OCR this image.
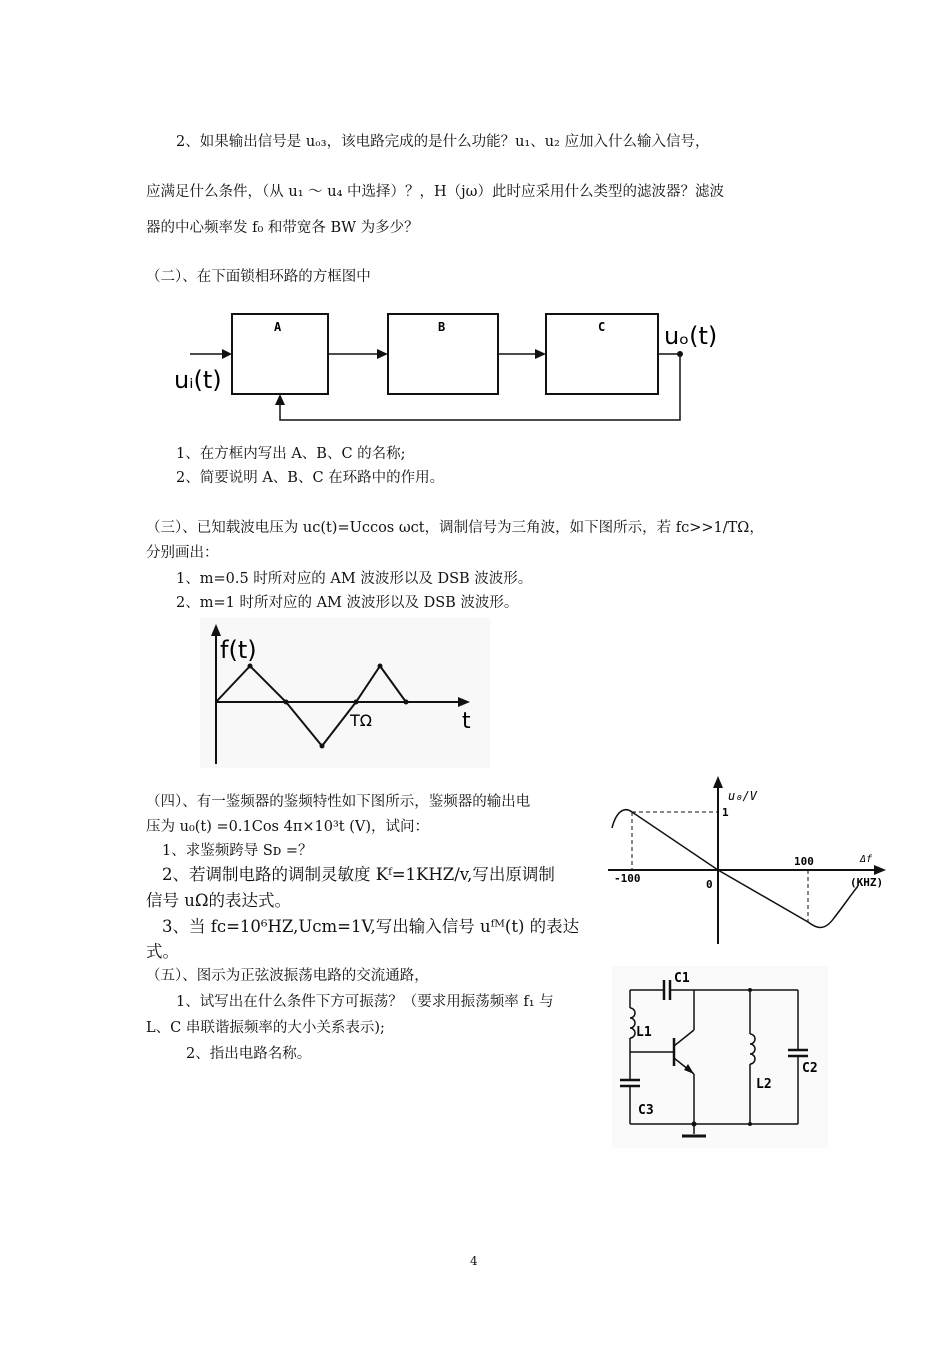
2、如果输出信号是 uₒ₃，该电路完成的是什么功能？u₁、u₂ 应加入什么输入信号，
应满足什么条件，（从 u₁ ～ u₄ 中选择）？，H（jω）此时应采用什么类型的滤波器？滤波
器的中心频率发 f₀ 和带宽各 BW 为多少？
（二）、在下面锁相环路的方框图中
A	B	C
uᵢ(t)
uₒ(t)
1、在方框内写出 A、B、C 的名称;
2、简要说明 A、B、C 在环路中的作用。
（三）、已知载波电压为 uᴄ(t)=Uᴄcos ωᴄt，调制信号为三角波，如下图所示，若 fᴄ>>1/TΩ，
分别画出：
1、m=0.5 时所对应的 AM 波波形以及 DSB 波波形。
2、m=1 时所对应的 AM 波波形以及 DSB 波波形。
f(t)
t
TΩ
（四）、有一鉴频器的鉴频特性如下图所示，鉴频器的输出电
压为 u₀(t) =0.1Cos 4π×10³t (V)，试问：
1、求鉴频跨导 Sᴅ =？
2、若调制电路的调制灵敏度 Kᶠ=1KHZ/v,写出原调制
信号 uΩ的表达式。
3、当 fᴄ=10⁶HZ,Uᴄm=1V,写出输入信号 uᶠᴹ(t) 的表达
式。
u₀/V
1
100
-100	0
Δf
(KHZ)
（五）、图示为正弦波振荡电路的交流通路，
1、试写出在什么条件下方可振荡？（要求用振荡频率 f₁ 与
L、C 串联谐振频率的大小关系表示);
2、指出电路名称。
C1
C2
C3
L1
L2
4
